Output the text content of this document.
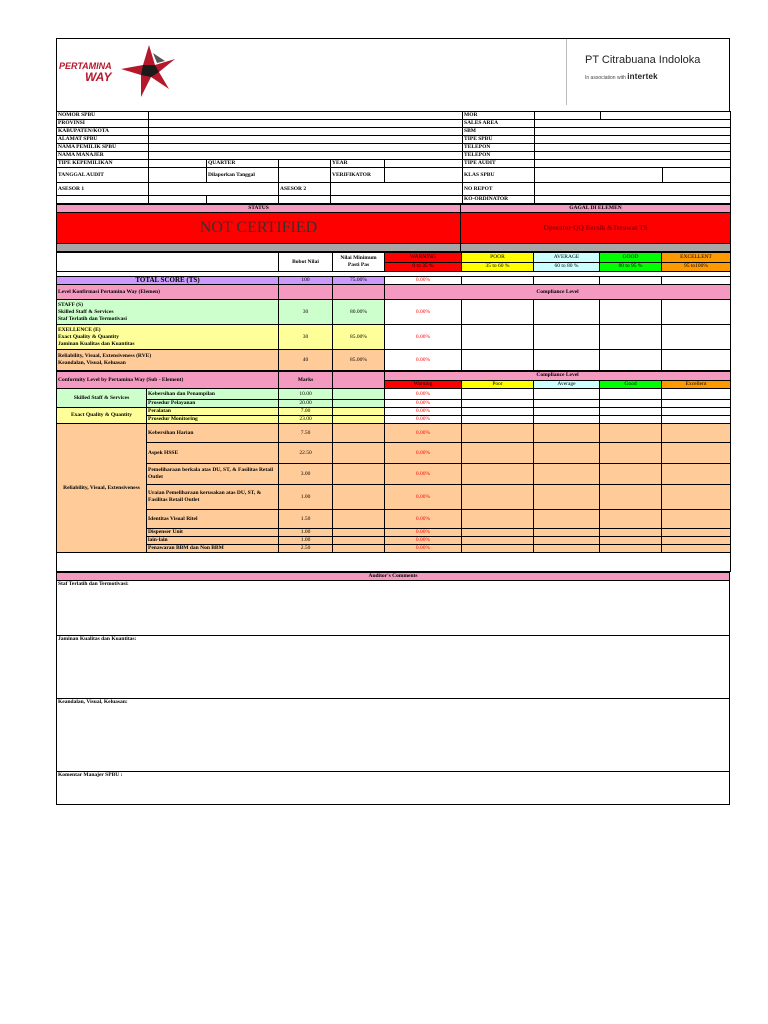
PERTAMINA
WAY
PT Citrabuana Indoloka
In association with intertek
NOMOR SPBU						MOR			
PROVINSI						SALES AREA			
KABUPATEN/KOTA						SBM			
ALAMAT SPBU						TIPE SPBU			
NAMA PEMILIK SPBU						TELEPON			
NAMA MANAJER						TELEPON			
TIPE KEPEMILIKAN		QUARTER		YEAR		TIPE AUDIT			
TANGGAL AUDIT		Dilaporkan Tanggal		VERIFIKATOR		KLAS SPBU			
ASESOR 1			ASESOR 2			NO REPOT			
						KO-ORDINATOR			
STATUS	GAGAL DI ELEMEN
NOT CERTIFIED	Operator QQ Bersih &Terawat TS

	Bobot Nilai	Nilai Minimum Pasti Pas	WARNING	POOR	AVERAGE	GOOD	EXCELLENT
			0 to 35 %	35 to 60 %	60 to 80 %	80 to 95 %	95 to100%

TOTAL SCORE (TS)	100	75.00%	0.00%				
Level Konfirmasi Pertamina Way (Elemen)			Compliance Level				
STAFF (S)
Skilled Staff & Services
Staf Terlatih dan Termotivasi	30	80.00%	0.00%				
EXELLENCE (E)
Exact Quality & Quantity
Jaminan Kualitas dan Kuantitas	30	85.00%	0.00%				
Reliability, Visual, Extensiveness (RVE)
Keandalan, Visual, Keluasan	40	85.00%	0.00%				
Conformity Level by Pertamina Way (Sub - Element)		Marks		Compliance Level				
				Warning	Poor	Average	Good	Excellent
Skilled Staff & Services	Kebersihan dan Penampilan	10.00		0.00%				
	Prosedur Pelayanan	20.00		0.00%				
Exact Quality & Quantity	Peralatan	7.00		0.00%				
	Prosedur Monitoring	23.00		0.00%				
Reliability, Visual, Extensiveness	Kebersihan Harian	7.50		0.00%				
	Aspek HSSE	22.50		0.00%				
	Pemeliharaan berkala atas DU, ST, & Fasilitas Retail Outlet	3.00		0.00%				
	Uraian Pemeliharaan kerusakan atas DU, ST, & Fasilitas Retail Outlet	1.00		0.00%				
	Identitas Visual Ritel	1.50		0.00%				
	Dispenser Unit	1.00		0.00%				
	lain-lain	1.00		0.00%				
	Penawaran BBM dan Non BBM	2.50		0.00%				

Auditor's Comments
Staf Terlatih dan Termotivasi:
Jaminan Kualitas dan Kuantitas:
Keandalan, Visual, Keluasan:
Komentar Manajer SPBU :
